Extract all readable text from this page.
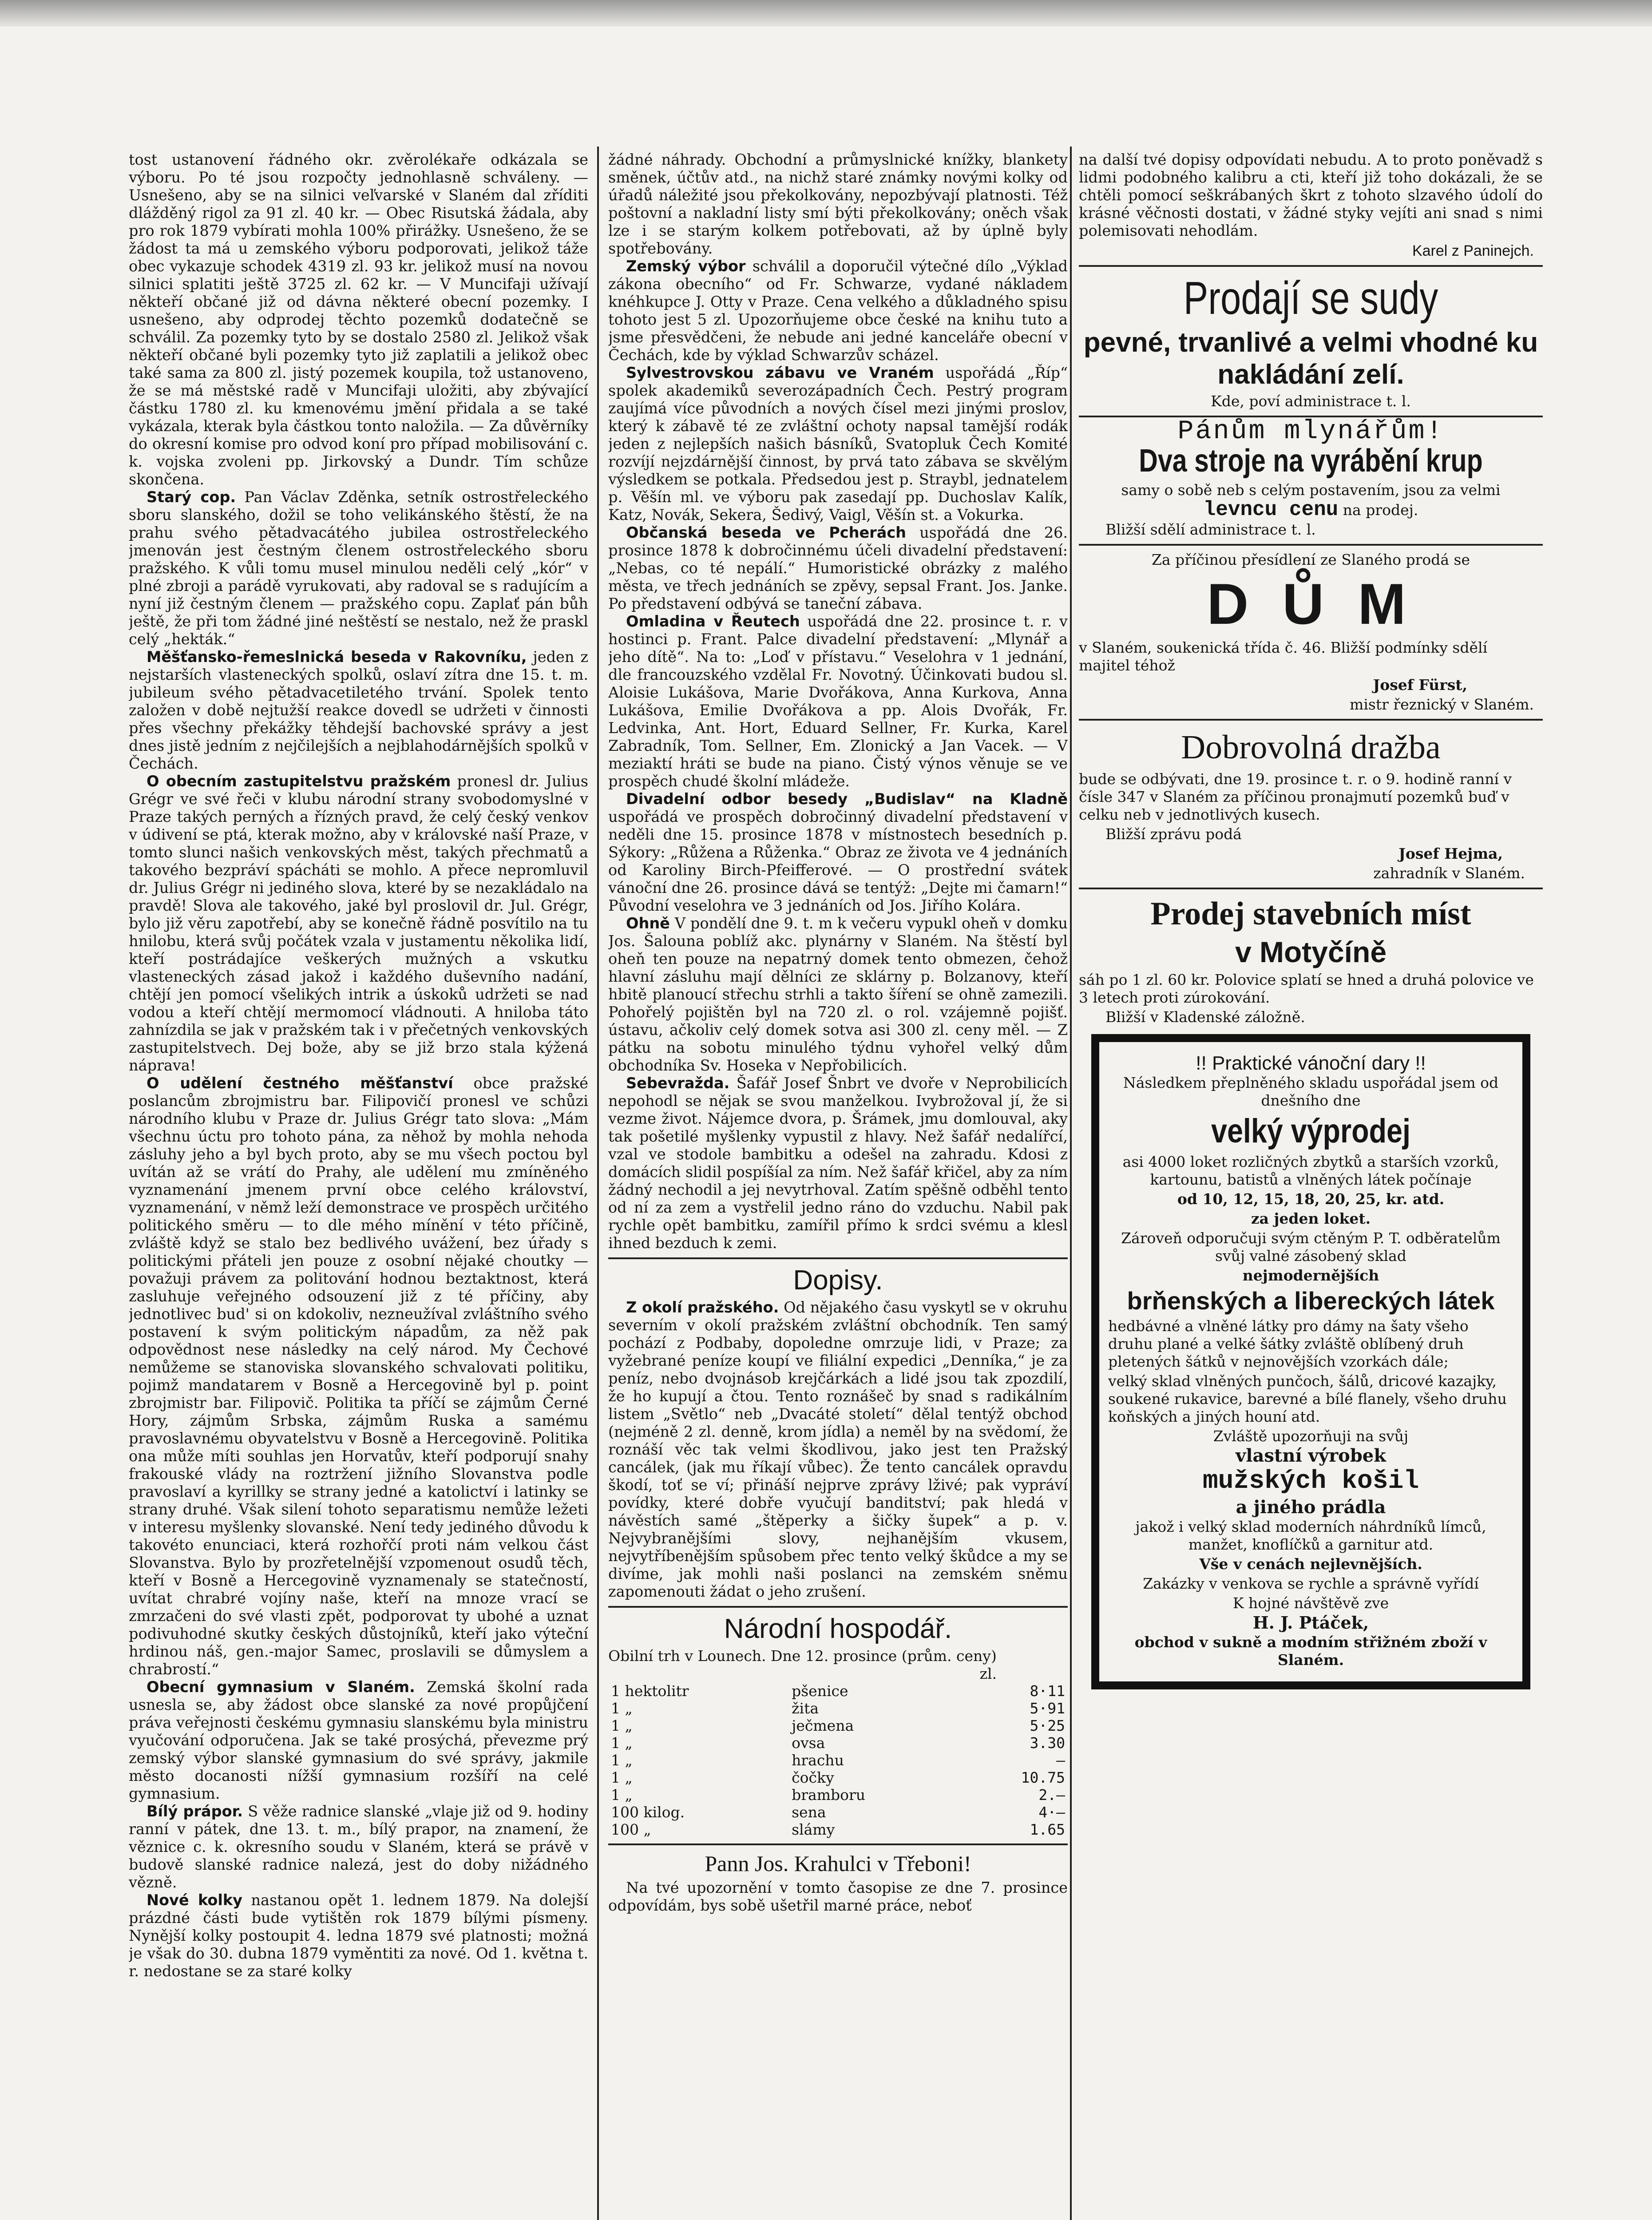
tost ustanovení řádného okr. zvěrolékaře odkázala se výboru. Po té jsou rozpočty jednohlasně schváleny. — Usnešeno, aby se na silnici veľvarské v Slaném dal zříditi dlážděný rigol za 91 zl. 40 kr. — Obec Risutská žádala, aby pro rok 1879 vybírati mohla 100% přirážky. Usnešeno, že se žádost ta má u zemského výboru podporovati, jelikož táže obec vykazuje schodek 4319 zl. 93 kr. jelikož musí na novou silnici splatiti ještě 3725 zl. 62 kr. — V Muncifaji užívají někteří občané již od dávna některé obecní pozemky. I usnešeno, aby odprodej těchto pozemků dodatečně se schválil. Za pozemky tyto by se dostalo 2580 zl. Jelikož však někteří občané byli pozemky tyto již zaplatili a jelikož obec také sama za 800 zl. jistý pozemek koupila, tož ustanoveno, že se má městské radě v Muncifaji uložiti, aby zbývající částku 1780 zl. ku kmenovému jmění přidala a se také vykázala, kterak byla částkou tonto naložila. — Za důvěrníky do okresní komise pro odvod koní pro případ mobilisování c. k. vojska zvoleni pp. Jirkovský a Dundr. Tím schůze skončena.

Starý cop. Pan Václav Zděnka, setník ostrostřeleckého sboru slanského, dožil se toho velikánského štěstí, že na prahu svého pětadvacátého jubilea ostrostřeleckého jmenován jest čestným členem ostrostřeleckého sboru pražského. K vůli tomu musel minulou neděli celý „kór“ v plné zbroji a parádě vyrukovati, aby radoval se s radujícím a nyní již čestným členem — pražského copu. Zaplať pán bůh ještě, že při tom žádné jiné neštěstí se nestalo, než že praskl celý „hekták.“

Měšťansko-řemeslnická beseda v Rakovníku, jeden z nejstarších vlasteneckých spolků, oslaví zítra dne 15. t. m. jubileum svého pětadvacetiletého trvání. Spolek tento založen v době nejtužší reakce dovedl se udržeti v činnosti přes všechny překážky těhdejší bachovské správy a jest dnes jistě jedním z nejčilejších a nejblahodárnějších spolků v Čechách.

O obecním zastupitelstvu pražském pronesl dr. Julius Grégr ve své řeči v klubu národní strany svobodomyslné v Praze takých perných a řízných pravd, že celý český venkov v údivení se ptá, kterak možno, aby v královské naší Praze, v tomto slunci našich venkovských měst, takých přechmatů a takového bezpráví spácháti se mohlo. A přece nepromluvil dr. Julius Grégr ni jediného slova, které by se nezakládalo na pravdě! Slova ale takového, jaké byl proslovil dr. Jul. Grégr, bylo již věru zapotřebí, aby se konečně řádně posvítilo na tu hnilobu, která svůj počátek vzala v justamentu několika lidí, kteří postrádajíce veškerých mužných a vskutku vlasteneckých zásad jakož i každého duševního nadání, chtějí jen pomocí všelikých intrik a úskoků udržeti se nad vodou a kteří chtějí mermomocí vládnouti. A hniloba táto zahnízdila se jak v pražském tak i v přečetných venkovských zastupitelstvech. Dej bože, aby se již brzo stala kýžená náprava!

O udělení čestného měšťanství obce pražské poslancům zbrojmistru bar. Filipovičí pronesl ve schůzi národního klubu v Praze dr. Julius Grégr tato slova: „Mám všechnu úctu pro tohoto pána, za něhož by mohla nehoda zásluhy jeho a byl bych proto, aby se mu všech poctou byl uvítán až se vrátí do Prahy, ale udělení mu zmíněného vyznamenání jmenem první obce celého království, vyznamenání, v němž leží demonstrace ve prospěch určitého politického směru — to dle mého mínění v této příčině, zvláště když se stalo bez bedlivého uvážení, bez úřady s politickými přáteli jen pouze z osobní nějaké choutky — považuji právem za politování hodnou beztaktnost, která zasluhuje veřejného odsouzení již z té příčiny, aby jednotlivec bud' si on kdokoliv, nezneužíval zvláštního svého postavení k svým politickým nápadům, za něž pak odpovědnost nese následky na celý národ. My Čechové nemůžeme se stanoviska slovanského schvalovati politiku, pojimž mandatarem v Bosně a Hercegovině byl p. point zbrojmistr bar. Filipovič. Politika ta příčí se zájmům Černé Hory, zájmům Srbska, zájmům Ruska a samému pravoslavnému obyvatelstvu v Bosně a Hercegovině. Politika ona může míti souhlas jen Horvatův, kteří podporují snahy frakouské vlády na roztržení jižního Slovanstva podle pravoslaví a kyrillky se strany jedné a katolictví i latinky se strany druhé. Však silení tohoto separatismu nemůže ležeti v interesu myšlenky slovanské. Není tedy jediného důvodu k takovéto enunciaci, která rozhořčí proti nám velkou část Slovanstva. Bylo by prozřetelnější vzpomenout osudů těch, kteří v Bosně a Hercegovině vyznamenaly se statečností, uvítat chrabré vojíny naše, kteří na mnoze vrací se zmrzačeni do své vlasti zpět, podporovat ty ubohé a uznat podivuhodné skutky českých důstojníků, kteří jako výteční hrdinou náš, gen.-major Samec, proslavili se důmyslem a chrabrostí.“

Obecní gymnasium v Slaném. Zemská školní rada usnesla se, aby žádost obce slanské za nové propůjčení práva veřejnosti českému gymnasiu slanskému byla ministru vyučování odporučena. Jak se také prosýchá, převezme prý zemský výbor slanské gymnasium do své správy, jakmile město docanosti nížší gymnasium rozšíří na celé gymnasium.

Bílý prápor. S věže radnice slanské „vlaje již od 9. hodiny ranní v pátek, dne 13. t. m., bílý prapor, na znamení, že věznice c. k. okresního soudu v Slaném, která se právě v budově slanské radnice nalezá, jest do doby nižádného vězně.

Nové kolky nastanou opět 1. lednem 1879. Na dolejší prázdné části bude vytištěn rok 1879 bílými písmeny. Nynější kolky postoupit 4. ledna 1879 své platnosti; možná je však do 30. dubna 1879 vyměntiti za nové. Od 1. května t. r. nedostane se za staré kolky

žádné náhrady. Obchodní a průmyslnické knížky, blankety směnek, účtův atd., na nichž staré známky novými kolky od úřadů náležité jsou překolkovány, nepozbývají platnosti. Též poštovní a nakladní listy smí býti překolkovány; oněch však lze i se starým kolkem potřebovati, až by úplně byly spotřebovány.

Zemský výbor schválil a doporučil výtečné dílo „Výklad zákona obecního“ od Fr. Schwarze, vydané nákladem knéhkupce J. Otty v Praze. Cena velkého a důkladného spisu tohoto jest 5 zl. Upozorňujeme obce české na knihu tuto a jsme přesvědčeni, že nebude ani jedné kanceláře obecní v Čechách, kde by výklad Schwarzův scházel.

Sylvestrovskou zábavu ve Vraném uspořádá „Říp“ spolek akademiků severozápadních Čech. Pestrý program zaujímá více původních a nových čísel mezi jinými proslov, který k zábavě té ze zvláštní ochoty napsal tamější rodák jeden z nejlepších našich básníků, Svatopluk Čech Komité rozvíjí nejzdárnější činnost, by prvá tato zábava se skvělým výsledkem se potkala. Předsedou jest p. Straybl, jednatelem p. Věšín ml. ve výboru pak zasedají pp. Duchoslav Kalík, Katz, Novák, Sekera, Šedivý, Vaigl, Věšín st. a Vokurka.

Občanská beseda ve Pcherách uspořádá dne 26. prosince 1878 k dobročinnému účeli divadelní představení: „Nebas, co té nepálí.“ Humoristické obrázky z malého města, ve třech jednáních se zpěvy, sepsal Frant. Jos. Janke. Po představení odbývá se taneční zábava.

Omladina v Řeutech uspořádá dne 22. prosince t. r. v hostinci p. Frant. Palce divadelní představení: „Mlynář a jeho dítě“. Na to: „Loď v přístavu.“ Veselohra v 1 jednání, dle francouzského vzdělal Fr. Novotný. Účinkovati budou sl. Aloisie Lukášova, Marie Dvořákova, Anna Kurkova, Anna Lukášova, Emilie Dvořákova a pp. Alois Dvořák, Fr. Ledvinka, Ant. Hort, Eduard Sellner, Fr. Kurka, Karel Zabradník, Tom. Sellner, Em. Zlonický a Jan Vacek. — V meziaktí hráti se bude na piano. Čistý výnos věnuje se ve prospěch chudé školní mládeže.

Divadelní odbor besedy „Budislav“ na Kladně uspořádá ve prospěch dobročinný divadelní představení v neděli dne 15. prosince 1878 v místnostech besedních p. Sýkory: „Růžena a Růženka.“ Obraz ze života ve 4 jednáních od Karoliny Birch-Pfeifferové. — O prostřední svátek vánoční dne 26. prosince dává se tentýž: „Dejte mi čamarn!“ Původní veselohra ve 3 jednáních od Jos. Jiřího Kolára.

Ohně V pondělí dne 9. t. m k večeru vypukl oheň v domku Jos. Šalouna poblíž akc. plynárny v Slaném. Na štěstí byl oheň ten pouze na nepatrný domek tento obmezen, čehož hlavní zásluhu mají dělníci ze sklárny p. Bolzanovy, kteří hbitě planoucí střechu strhli a takto šíření se ohně zamezili. Pohořelý pojištěn byl na 720 zl. o rol. vzájemně pojišť. ústavu, ačkoliv celý domek sotva asi 300 zl. ceny měl. — Z pátku na sobotu minulého týdnu vyhořel velký dům obchodníka Sv. Hoseka v Nepřobilicích.

Sebevražda. Šafář Josef Šnbrt ve dvoře v Neprobilicích nepohodl se nějak se svou manželkou. Ivybrožoval jí, že si vezme život. Nájemce dvora, p. Šrámek, jmu domlouval, aky tak pošetilé myšlenky vypustil z hlavy. Než šafář nedalířcí, vzal ve stodole bambitku a odešel na zahradu. Kdosi z domácích slidil pospíšíal za ním. Než šafář křičel, aby za ním žádný nechodil a jej nevytrhoval. Zatím spěšně odběhl tento od ní za zem a vystřelil jedno ráno do vzduchu. Nabil pak rychle opět bambitku, zamířil přímo k srdci svému a klesl ihned bezduch k zemi.

Dopisy.

Z okolí pražského. Od nějakého času vyskytl se v okruhu severním v okolí pražském zvláštní obchodník. Ten samý pochází z Podbaby, dopoledne omrzuje lidi, v Praze; za vyžebrané peníze koupí ve filiální expedici „Denníka,“ je za peníz, nebo dvojnásob krejčárkách a lidé jsou tak zpozdilí, že ho kupují a čtou. Tento roznášeč by snad s radikálním listem „Světlo“ neb „Dvacáté století“ dělal tentýž obchod (nejméně 2 zl. denně, krom jídla) a neměl by na svědomí, že roznáší věc tak velmi škodlivou, jako jest ten Pražský cancálek, (jak mu říkají vůbec). Že tento cancálek opravdu škodí, toť se ví; přináší nejprve zprávy lživé; pak vypráví povídky, které dobře vyučují banditství; pak hledá v návěstích samé „štěperky a šičky šupek“ a p. v. Nejvybranějšími slovy, nejhanějším vkusem, nejvytříbenějším spůsobem přec tento velký škůdce a my se divíme, jak mohli naši poslanci na zemském sněmu zapomenouti žádat o jeho zrušení.

Národní hospodář.

Obilní trh v Lounech. Dne 12. prosince (prům. ceny)

zl.
1 hektolitr	pšenice	8·11
1 „	žita	5·91
1 „	ječmena	5·25
1 „	ovsa	3.30
1 „	hrachu	—
1 „	čočky	10.75
1 „	bramboru	2.—
100 kilog.	sena	4·—
100 „	slámy	1.65
Pann Jos. Krahulci v Třeboni!

Na tvé upozornění v tomto časopise ze dne 7. prosince odpovídám, bys sobě ušetřil marné práce, neboť

na další tvé dopisy odpovídati nebudu. A to proto poněvadž s lidmi podobného kalibru a cti, kteří již toho dokázali, že se chtěli pomocí seškrábaných škrt z tohoto slzavého údolí do krásné věčnosti dostati, v žádné styky vejíti ani snad s nimi polemisovati nehodlám.

Karel z Paninejch.
Prodají se sudy

pevné, trvanlivé a velmi vhodné ku nakládání zelí.

Kde, poví administrace t. l.

Pánům mlynářům!

Dva stroje na vyrábění krup

samy o sobě neb s celým postavením, jsou za velmi

levncu cenu na prodej.

Bližší sdělí administrace t. l.

Za příčinou přesídlení ze Slaného prodá se

D Ů M

v Slaném, soukenická třída č. 46. Bližší podmínky sdělí majitel téhož

Josef Fürst,

mistr řeznický v Slaném.

Dobrovolná dražba

bude se odbývati, dne 19. prosince t. r. o 9. hodině ranní v čísle 347 v Slaném za příčinou pronajmutí pozemků buď v celku neb v jednotlivých kusech.

Bližší zprávu podá

Josef Hejma,

zahradník v Slaném.

Prodej stavebních míst

v Motyčíně

sáh po 1 zl. 60 kr. Polovice splatí se hned a druhá polovice ve 3 letech proti zúrokování.

Bližší v Kladenské záložně.

!! Praktické vánoční dary !!

Následkem přeplněného skladu uspořádal jsem od dnešního dne

velký výprodej

asi 4000 loket rozličných zbytků a starších vzorků, kartounu, batistů a vlněných látek počínaje

od 10, 12, 15, 18, 20, 25, kr. atd.

za jeden loket.

Zároveň odporučuji svým ctěným P. T. odběratelům svůj valné zásobený sklad

nejmodernějších

brňenských a libereckých látek

hedbávné a vlněné látky pro dámy na šaty všeho druhu plané a velké šátky zvláště oblíbený druh pletených šátků v nejnovějších vzorkách dále;

velký sklad vlněných punčoch, šálů, dricové kazajky, soukené rukavice, barevné a bílé flanely, všeho druhu koňských a jiných houní atd.

Zvláště upozorňuji na svůj

vlastní výrobek

mužských košil

a jiného prádla

jakož i velký sklad moderních náhrdníků límců, manžet, knoflíčků a garnitur atd.

Vše v cenách nejlevnějších.

Zakázky v venkova se rychle a správně vyřídí

K hojné návštěvě zve

H. J. Ptáček,

obchod v sukně a modním střižném zboží v Slaném.
